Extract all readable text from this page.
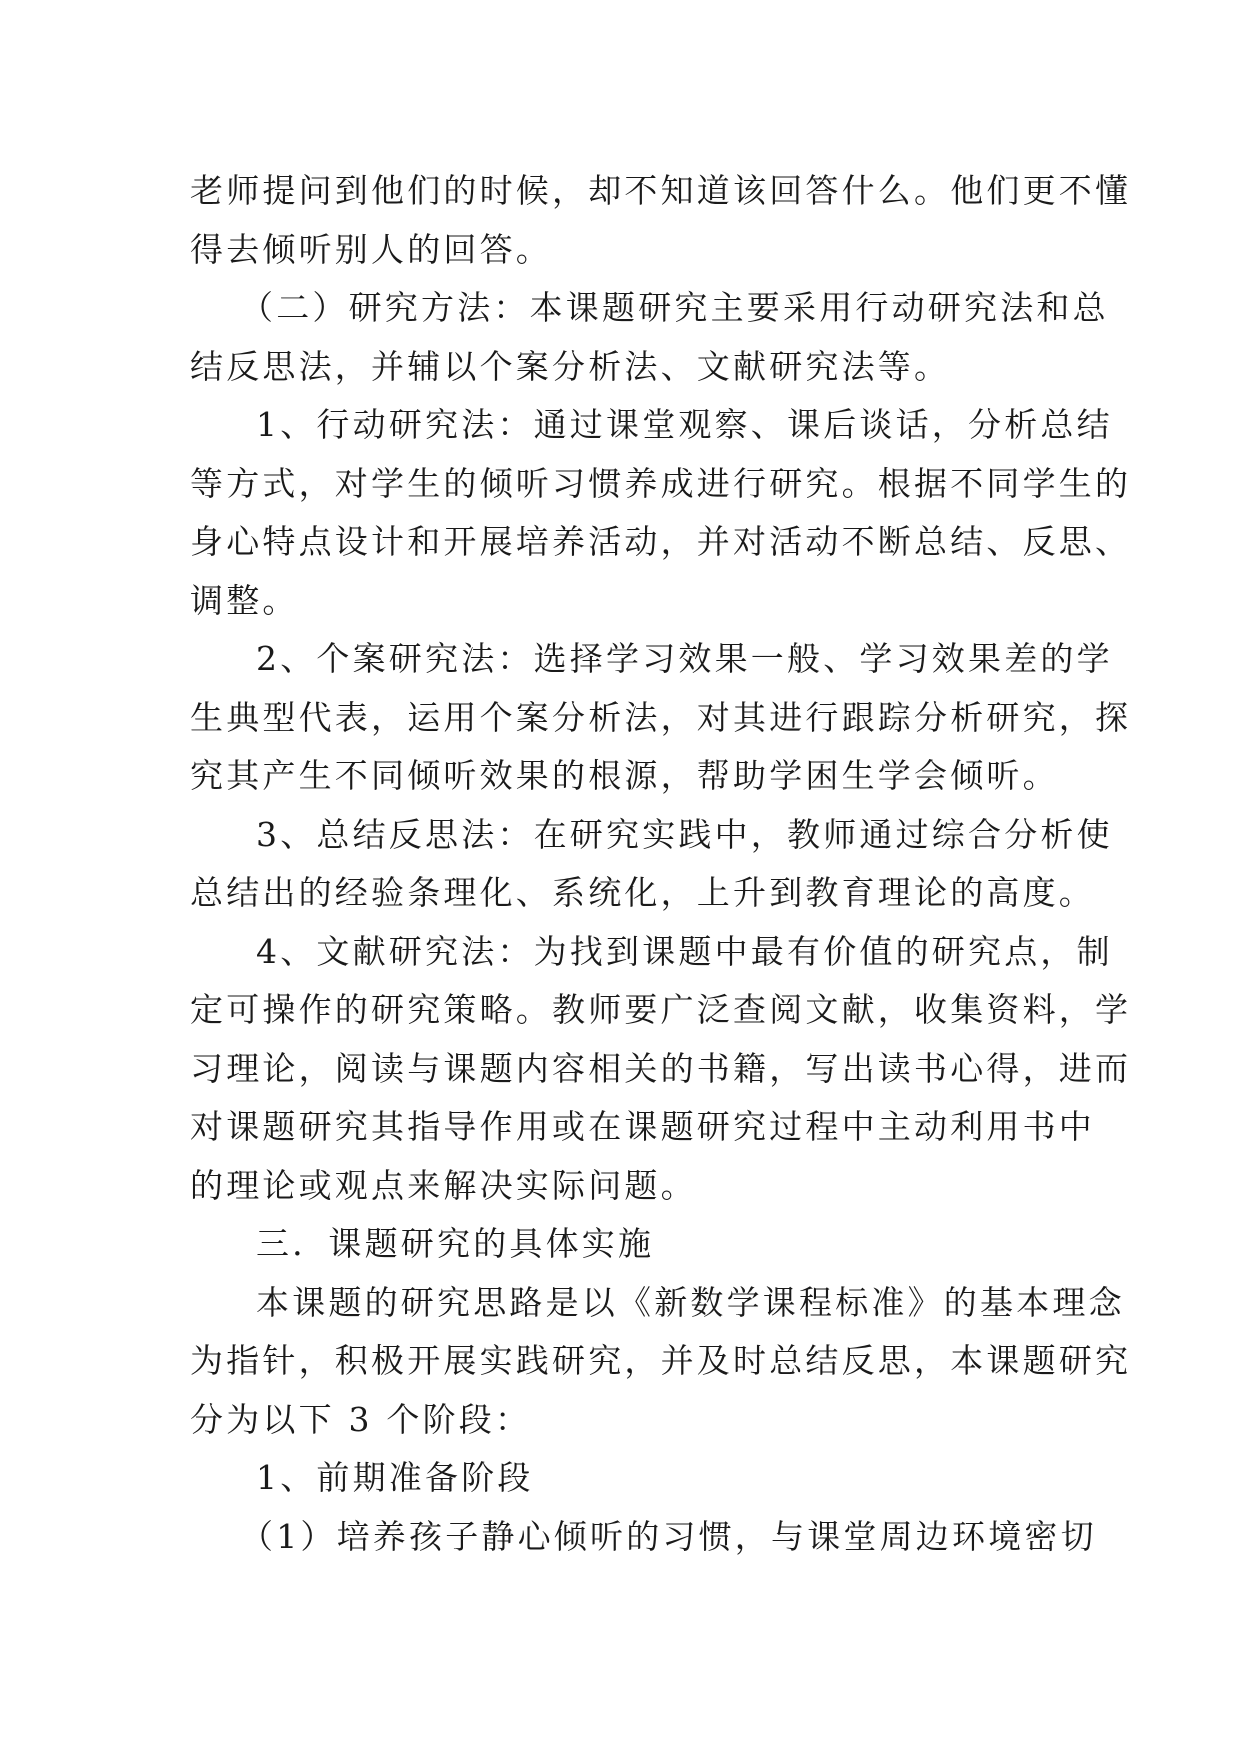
老师提问到他们的时候，却不知道该回答什么。他们更不懂
得去倾听别人的回答。
（二）研究方法：本课题研究主要采用行动研究法和总
结反思法，并辅以个案分析法、文献研究法等。
1、行动研究法：通过课堂观察、课后谈话，分析总结
等方式，对学生的倾听习惯养成进行研究。根据不同学生的
身心特点设计和开展培养活动，并对活动不断总结、反思、
调整。
2、个案研究法：选择学习效果一般、学习效果差的学
生典型代表，运用个案分析法，对其进行跟踪分析研究，探
究其产生不同倾听效果的根源，帮助学困生学会倾听。
3、总结反思法：在研究实践中，教师通过综合分析使
总结出的经验条理化、系统化，上升到教育理论的高度。
4、文献研究法：为找到课题中最有价值的研究点，制
定可操作的研究策略。教师要广泛查阅文献，收集资料，学
习理论，阅读与课题内容相关的书籍，写出读书心得，进而
对课题研究其指导作用或在课题研究过程中主动利用书中
的理论或观点来解决实际问题。
三．课题研究的具体实施
本课题的研究思路是以《新数学课程标准》的基本理念
为指针，积极开展实践研究，并及时总结反思，本课题研究
分为以下 3 个阶段：
1、前期准备阶段
（1）培养孩子静心倾听的习惯，与课堂周边环境密切
